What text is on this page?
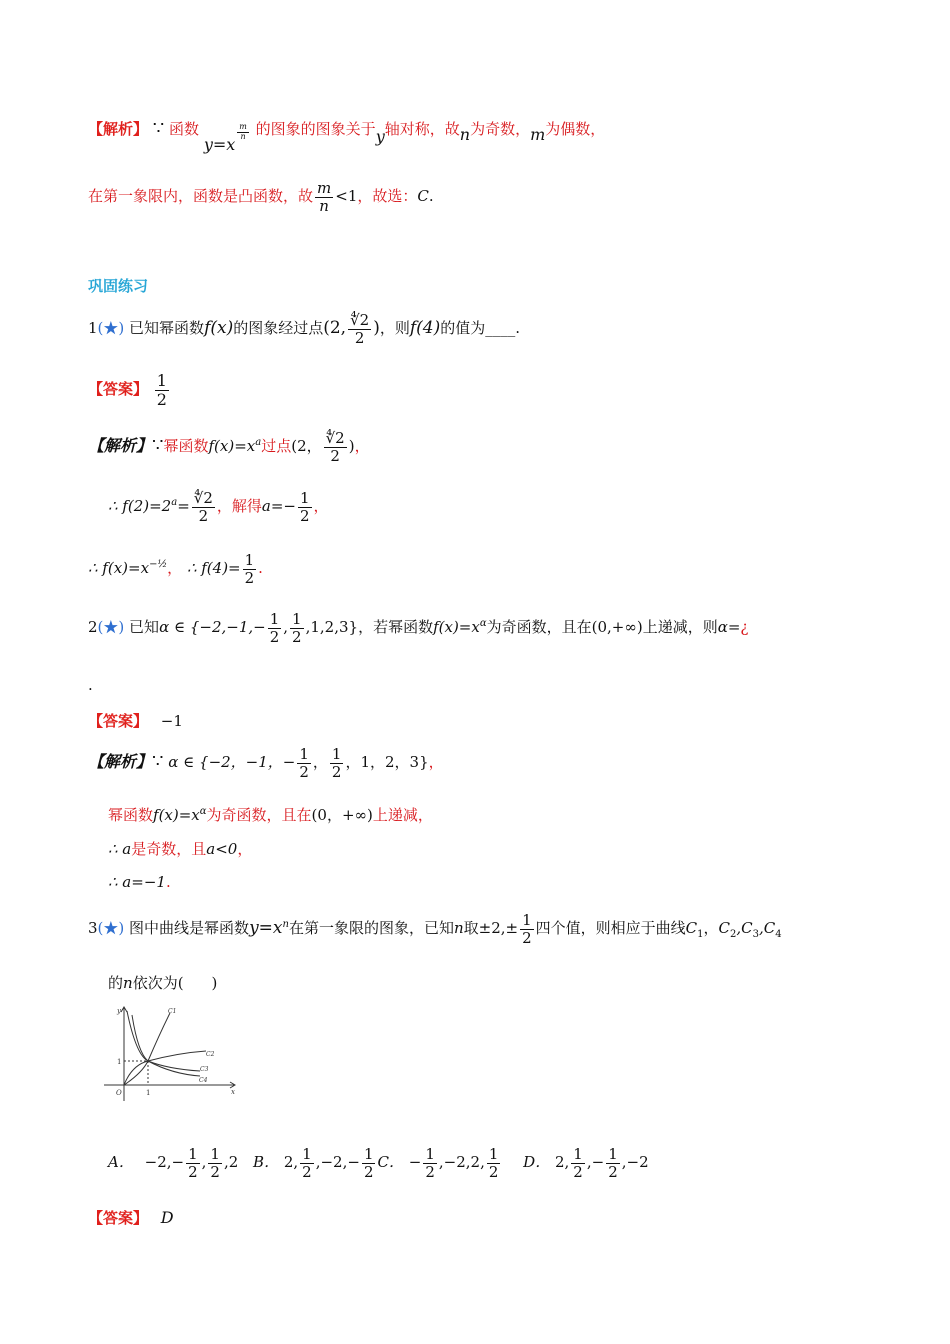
【解析】 ∵ 函数 y=x
$\frac{m}{n}$ 的图象的图象关于y轴对称，故n为奇数，m为偶数，
在第一象限内，函数是凸函数，故 $\frac{m}{n} <1$，故选：C.
巩固练习
1(★) 已知幂函数f(x)的图象经过点(2, $\frac{∜2}{2}$ )，则f(4)的值为____.
【答案】 $\frac{1}{2}$
【解析】∵幂函数$f(x)=x^a$过点(2， $\frac{∜2}{2}$ )，
∴ $f(2)=2^a= \frac{∜2}{2}$ ，解得$a=- \frac{1}{2}$ ，
∴ $f(x)=x^{-\frac{1}{2}}$， ∴ $f(4)= \frac{1}{2}$ .
2(★) 已知α ∈ {$-2,-1,- \frac{1}{2}$ , $\frac{1}{2} ,1,2,3$}，若幂函数$f(x)=x^\alpha$为奇函数，且在(0,+∞)上递减，则α=¿
.
【答案】 −1
【解析】∵ α ∈ {−2，−1，− $\frac{1}{2}$ ， $\frac{1}{2}$ ，1，2，3}，
幂函数$f(x)=x^\alpha$为奇函数，且在(0，+∞)上递减，
∴ a是奇数，且a<0，
∴ a=−1.
3(★) 图中曲线是幂函数$y=x^n$在第一象限的图象，已知n取$\pm 2,\pm \frac{1}{2}$ 四个值，则相应于曲线$C_1$，$C_2,C_3,C_4$
的n依次为( )
y
x
O	1
1
C1
C2
C3
C4
A． $-2,- \frac{1}{2}$ , $\frac{1}{2} ,2$ B． 2, $\frac{1}{2} ,-2,- \frac{1}{2}$ C． − $\frac{1}{2} ,-2,2$, $\frac{1}{2}$ D． 2, $\frac{1}{2}$ ,− $\frac{1}{2} ,-2$
【答案】 D
